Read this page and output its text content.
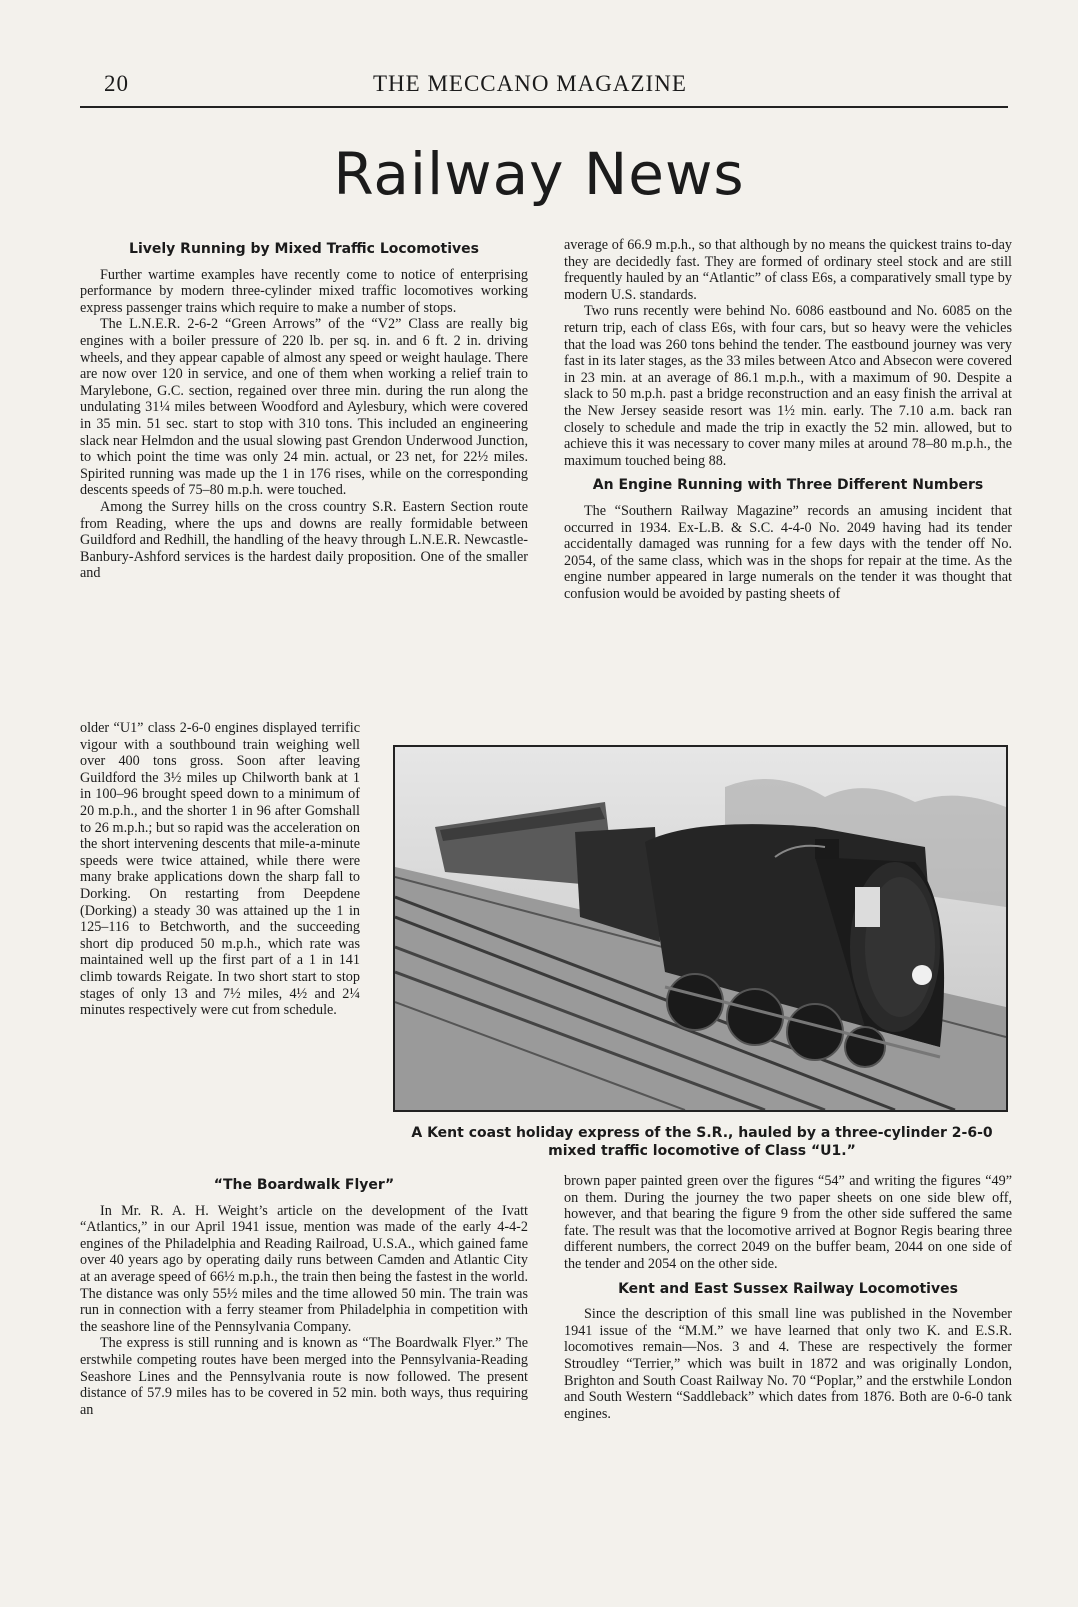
20	THE MECCANO MAGAZINE
Railway News

Lively Running by Mixed Traffic Locomotives

Further wartime examples have recently come to notice of enterprising performance by modern three-cylinder mixed traffic locomotives working express passenger trains which require to make a number of stops.

The L.N.E.R. 2-6-2 “Green Arrows” of the “V2” Class are really big engines with a boiler pressure of 220 lb. per sq. in. and 6 ft. 2 in. driving wheels, and they appear capable of almost any speed or weight haulage. There are now over 120 in service, and one of them when working a relief train to Marylebone, G.C. section, regained over three min. during the run along the undulating 31¼ miles between Woodford and Aylesbury, which were covered in 35 min. 51 sec. start to stop with 310 tons. This included an engineering slack near Helmdon and the usual slowing past Grendon Underwood Junction, to which point the time was only 24 min. actual, or 23 net, for 22½ miles. Spirited running was made up the 1 in 176 rises, while on the corresponding descents speeds of 75–80 m.p.h. were touched.

Among the Surrey hills on the cross country S.R. Eastern Section route from Reading, where the ups and downs are really formidable between Guildford and Redhill, the handling of the heavy through L.N.E.R. Newcastle-Banbury-Ashford services is the hardest daily proposition. One of the smaller and

older “U1” class 2-6-0 engines displayed terrific vigour with a southbound train weighing well over 400 tons gross. Soon after leaving Guildford the 3½ miles up Chilworth bank at 1 in 100–96 brought speed down to a minimum of 20 m.p.h., and the shorter 1 in 96 after Gomshall to 26 m.p.h.; but so rapid was the acceleration on the short intervening descents that mile-a-minute speeds were twice attained, while there were many brake applications down the sharp fall to Dorking. On restarting from Deepdene (Dorking) a steady 30 was attained up the 1 in 125–116 to Betchworth, and the succeeding short dip produced 50 m.p.h., which rate was maintained well up the first part of a 1 in 141 climb towards Reigate. In two short start to stop stages of only 13 and 7½ miles, 4½ and 2¼ minutes respectively were cut from schedule.

“The Boardwalk Flyer”

In Mr. R. A. H. Weight’s article on the development of the Ivatt “Atlantics,” in our April 1941 issue, mention was made of the early 4-4-2 engines of the Philadelphia and Reading Railroad, U.S.A., which gained fame over 40 years ago by operating daily runs between Camden and Atlantic City at an average speed of 66½ m.p.h., the train then being the fastest in the world. The distance was only 55½ miles and the time allowed 50 min. The train was run in connection with a ferry steamer from Philadelphia in competition with the seashore line of the Pennsylvania Company.

The express is still running and is known as “The Boardwalk Flyer.” The erstwhile competing routes have been merged into the Pennsylvania-Reading Seashore Lines and the Pennsylvania route is now followed. The present distance of 57.9 miles has to be covered in 52 min. both ways, thus requiring an

average of 66.9 m.p.h., so that although by no means the quickest trains to-day they are decidedly fast. They are formed of ordinary steel stock and are still frequently hauled by an “Atlantic” of class E6s, a comparatively small type by modern U.S. standards.

Two runs recently were behind No. 6086 eastbound and No. 6085 on the return trip, each of class E6s, with four cars, but so heavy were the vehicles that the load was 260 tons behind the tender. The eastbound journey was very fast in its later stages, as the 33 miles between Atco and Absecon were covered in 23 min. at an average of 86.1 m.p.h., with a maximum of 90. Despite a slack to 50 m.p.h. past a bridge reconstruction and an easy finish the arrival at the New Jersey seaside resort was 1½ min. early. The 7.10 a.m. back ran closely to schedule and made the trip in exactly the 52 min. allowed, but to achieve this it was necessary to cover many miles at around 78–80 m.p.h., the maximum touched being 88.

An Engine Running with Three Different Numbers

The “Southern Railway Magazine” records an amusing incident that occurred in 1934. Ex-L.B. & S.C. 4-4-0 No. 2049 having had its tender accidentally damaged was running for a few days with the tender off No. 2054, of the same class, which was in the shops for repair at the time. As the engine number appeared in large numerals on the tender it was thought that confusion would be avoided by pasting sheets of

A Kent coast holiday express of the S.R., hauled by a three-cylinder 2-6-0 mixed traffic locomotive of Class “U1.”

brown paper painted green over the figures “54” and writing the figures “49” on them. During the journey the two paper sheets on one side blew off, however, and that bearing the figure 9 from the other side suffered the same fate. The result was that the locomotive arrived at Bognor Regis bearing three different numbers, the correct 2049 on the buffer beam, 2044 on one side of the tender and 2054 on the other side.

Kent and East Sussex Railway Locomotives

Since the description of this small line was published in the November 1941 issue of the “M.M.” we have learned that only two K. and E.S.R. locomotives remain—Nos. 3 and 4. These are respectively the former Stroudley “Terrier,” which was built in 1872 and was originally London, Brighton and South Coast Railway No. 70 “Poplar,” and the erstwhile London and South Western “Saddleback” which dates from 1876. Both are 0-6-0 tank engines.
